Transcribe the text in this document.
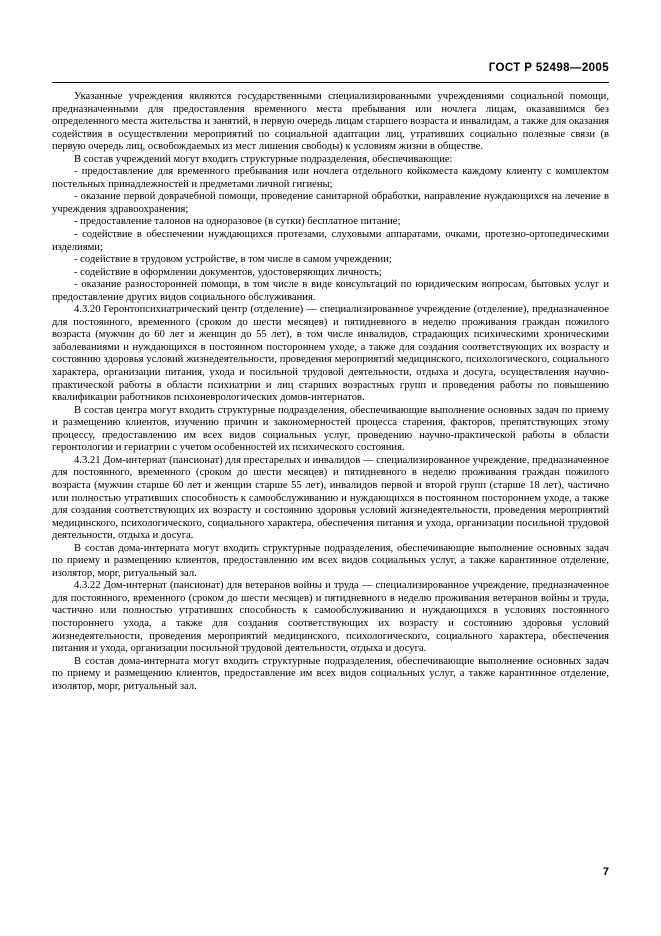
ГОСТ Р 52498—2005

Указанные учреждения являются государственными специализированными учреждениями социальной помощи, предназначенными для предоставления временного места пребывания или ночлега лицам, оказавшимся без определенного места жительства и занятий, в первую очередь лицам старшего возраста и инвалидам, а также для оказания содействия в осуществлении мероприятий по социальной адаптации лиц, утративших социально полезные связи (в первую очередь лиц, освобождаемых из мест лишения свободы) к условиям жизни в обществе.

В состав учреждений могут входить структурные подразделения, обеспечивающие:

- предоставление для временного пребывания или ночлега отдельного койкоместа каждому клиенту с комплектом постельных принадлежностей и предметами личной гигиены;

- оказание первой доврачебной помощи, проведение санитарной обработки, направление нуждающихся на лечение в учреждения здравоохранения;

- предоставление талонов на одноразовое (в сутки) бесплатное питание;

- содействие в обеспечении нуждающихся протезами, слуховыми аппаратами, очками, протезно-ортопедическими изделиями;

- содействие в трудовом устройстве, в том числе в самом учреждении;

- содействие в оформлении документов, удостоверяющих личность;

- оказание разносторонней помощи, в том числе в виде консультаций по юридическим вопросам, бытовых услуг и предоставление других видов социального обслуживания.

4.3.20 Геронтопсихиатрический центр (отделение) — специализированное учреждение (отделение), предназначенное для постоянного, временного (сроком до шести месяцев) и пятидневного в неделю проживания граждан пожилого возраста (мужчин до 60 лет и женщин до 55 лет), в том числе инвалидов, страдающих психическими хроническими заболеваниями и нуждающихся в постоянном постороннем уходе, а также для создания соответствующих их возрасту и состоянию здоровья условий жизнедеятельности, проведения мероприятий медицинского, психологического, социального характера, организации питания, ухода и посильной трудовой деятельности, отдыха и досуга, осуществления научно-практической работы в области психиатрии и лиц старших возрастных групп и проведения работы по повышению квалификации работников психоневрологических домов-интернатов.

В состав центра могут входить структурные подразделения, обеспечивающие выполнение основных задач по приему и размещению клиентов, изучению причин и закономерностей процесса старения, факторов, препятствующих этому процессу, предоставлению им всех видов социальных услуг, проведению научно-практической работы в области геронтологии и гериатрии с учетом особенностей их психического состояния.

4.3.21 Дом-интернат (пансионат) для престарелых и инвалидов — специализированное учреждение, предназначенное для постоянного, временного (сроком до шести месяцев) и пятидневного в неделю проживания граждан пожилого возраста (мужчин старше 60 лет и женщин старше 55 лет), инвалидов первой и второй групп (старше 18 лет), частично или полностью утративших способность к самообслуживанию и нуждающихся в постоянном постороннем уходе, а также для создания соответствующих их возрасту и состоянию здоровья условий жизнедеятельности, проведения мероприятий медицинского, психологического, социального характера, обеспечения питания и ухода, организации посильной трудовой деятельности, отдыха и досуга.

В состав дома-интерната могут входить структурные подразделения, обеспечивающие выполнение основных задач по приему и размещению клиентов, предоставлению им всех видов социальных услуг, а также карантинное отделение, изолятор, морг, ритуальный зал.

4.3.22 Дом-интернат (пансионат) для ветеранов войны и труда — специализированное учреждение, предназначенное для постоянного, временного (сроком до шести месяцев) и пятидневного в неделю проживания ветеранов войны и труда, частично или полностью утративших способность к самообслуживанию и нуждающихся в условиях постоянного постороннего ухода, а также для создания соответствующих их возрасту и состоянию здоровья условий жизнедеятельности, проведения мероприятий медицинского, психологического, социального характера, обеспечения питания и ухода, организации посильной трудовой деятельности, отдыха и досуга.

В состав дома-интерната могут входить структурные подразделения, обеспечивающие выполнение основных задач по приему и размещению клиентов, предоставление им всех видов социальных услуг, а также карантинное отделение, изолятор, морг, ритуальный зал.

7
